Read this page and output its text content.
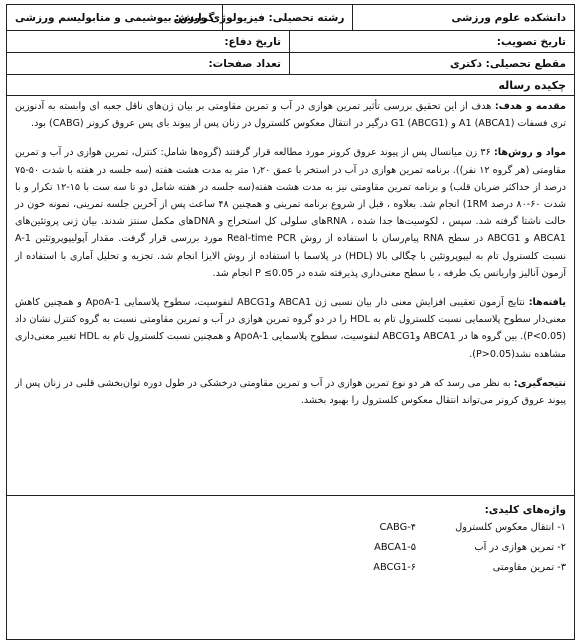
دانشکده علوم ورزشی
رشته تحصیلی: فیزیولوژی ورزش
گرایش: بیوشیمی و متابولیسم ورزشی
تاریخ تصویب:
تاریخ دفاع:
مقطع تحصیلی: دکتری
تعداد صفحات:
چکیده رساله

مقدمه و هدف: هدف از این تحقیق بررسی تأثیر تمرین هوازی در آب و تمرین مقاومتی بر بیان ژن‌های ناقل جعبه ای وابسته به آدنوزین تری فسفات A1 (ABCA1) و G1 (ABCG1) درگیر در انتقال معکوس کلسترول در زنان پس از پیوند بای پس عروق کرونر (CABG) بود.

مواد و روش‌ها: ۳۶ زن میانسال پس از پیوند عروق کرونر مورد مطالعه قرار گرفتند (گروه‌ها شامل: کنترل، تمرین هوازی در آب و تمرین مقاومتی (هر گروه ۱۲ نفر)). برنامه تمرین هوازی در آب در استخر با عمق ۱٫۲۰ متر به مدت هشت هفته (سه جلسه در هفته با شدت ۵۰-۷۵ درصد از حداکثر ضربان قلب) و برنامه تمرین مقاومتی نیز به مدت هشت هفته(سه جلسه در هفته شامل دو تا سه ست با ۱۵-۱۲ تکرار و با شدت ۶۰-۸۰ درصد 1RM) انجام شد. بعلاوه ، قبل از شروع برنامه تمرینی و همچنین ۴۸ ساعت پس از آخرین جلسه تمرینی، نمونه خون در حالت ناشتا گرفته شد. سپس ، لکوسیت‌ها جدا شده ، RNAهای سلولی کل استخراج و DNAهای مکمل سنتز شدند. بیان ژنی پروتئین‌های ABCA1 و ABCG1 در سطح RNA پیام‌رسان با استفاده از روش Real-time PCR مورد بررسی قرار گرفت. مقدار آپولیپوپروتئین A-1 نسبت کلسترول تام به لیپوپروتئین با چگالی بالا (HDL) در پلاسما با استفاده از روش الایزا انجام شد. تجزیه و تحلیل آماری با استفاده از آزمون آنالیز واریانس یک طرفه ، با سطح معنی‌داری پذیرفته شده در P ≤0.05 انجام شد.

یافته‌ها: نتایج آزمون تعقیبی افزایش معنی دار بیان نسبی ژن ABCA1 وABCG1 لنفوسیت، سطوح پلاسمایی ApoA-1 و همچنین کاهش معنی‌دار سطوح پلاسمایی نسبت کلسترول تام به HDL را در دو گروه تمرین هوازی در آب و تمرین مقاومتی نسبت به گروه کنترل نشان داد (P<0.05). بین گروه ها در ABCA1 وABCG1 لنفوسیت، سطوح پلاسمایی ApoA-1 و همچنین نسبت کلسترول تام به HDL تغییر معنی‌داری مشاهده نشد(P>0.05).

نتیجه‌گیری: به نظر می رسد که هر دو نوع تمرین هوازی در آب و تمرین مقاومتی درخشکی در طول دوره توان‌بخشی قلبی در زنان پس از پیوند عروق کرونر می‌تواند انتقال معکوس کلسترول را بهبود بخشد.

واژه‌های کلیدی:
۱- انتقال معکوس کلسترول
CABG-۴
۲- تمرین هوازی در آب
ABCA1-۵
۳- تمرین مقاومتی
ABCG1-۶
